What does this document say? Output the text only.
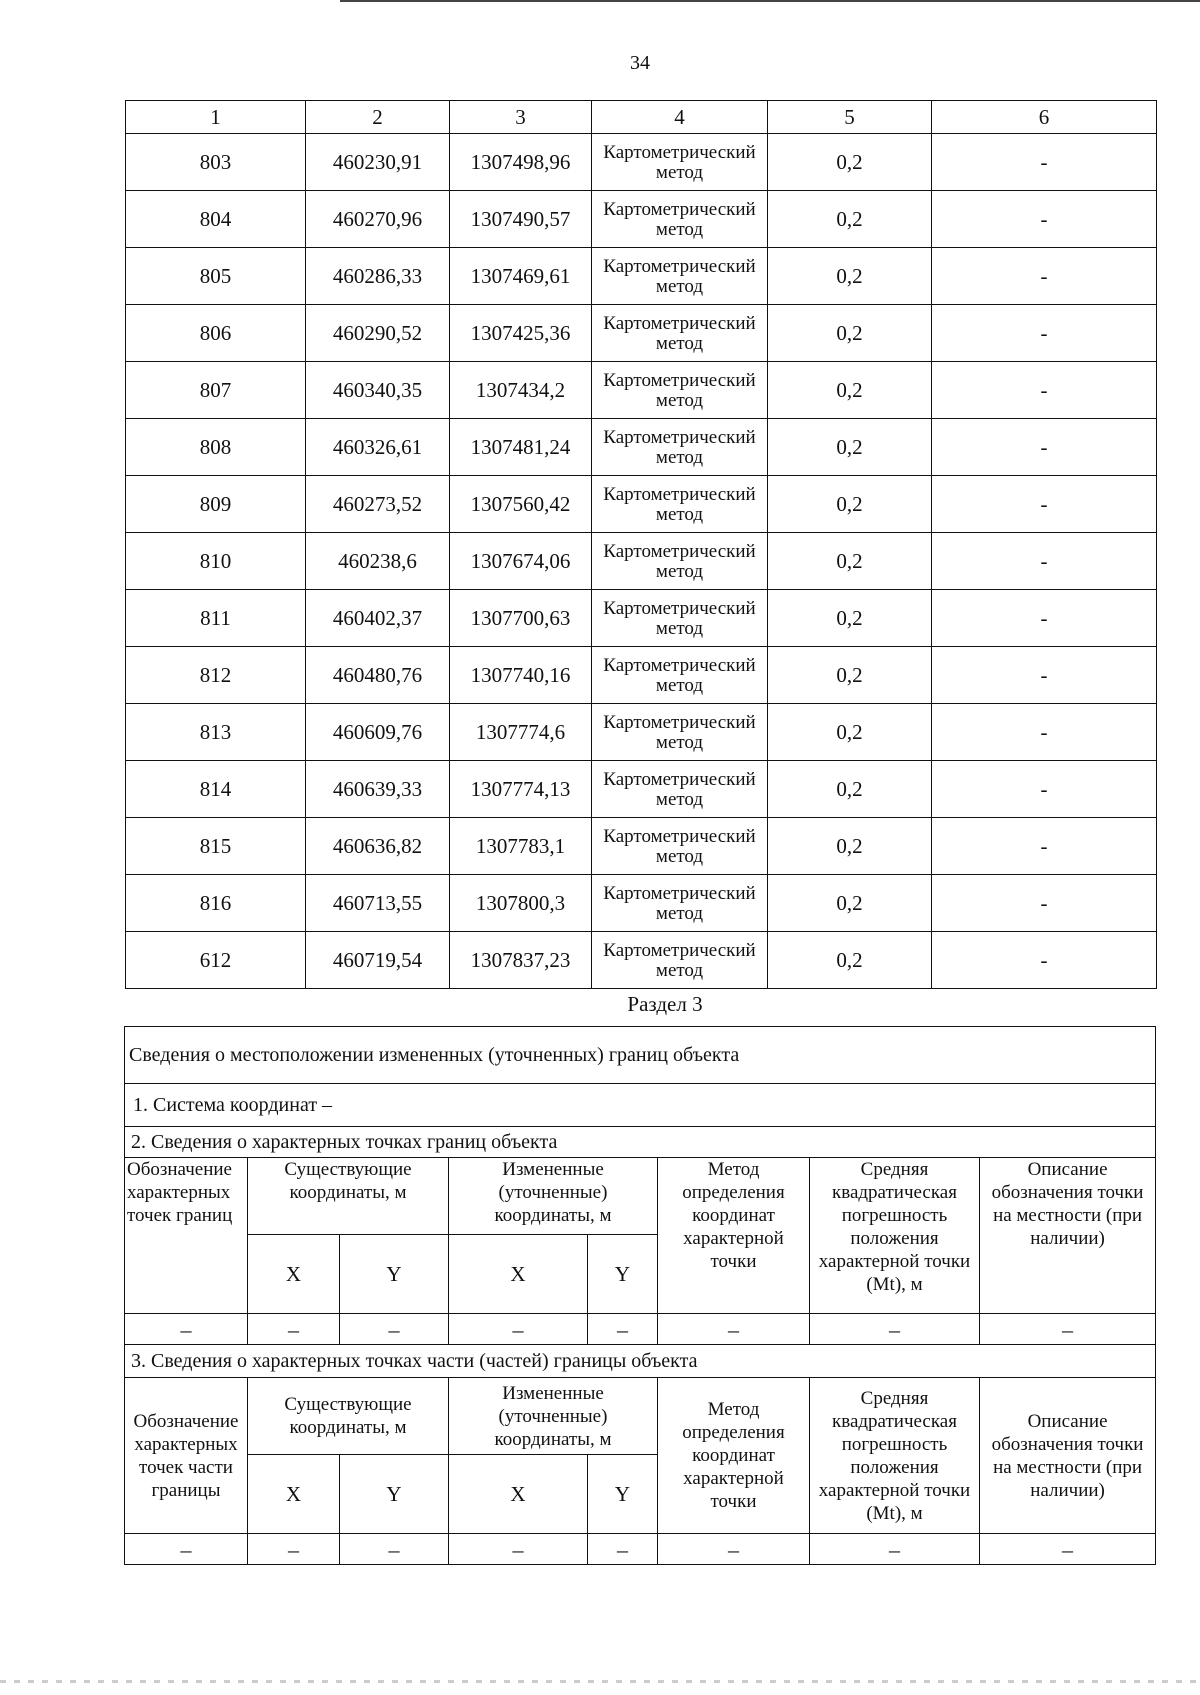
34
1	2	3	4	5	6
803	460230,91	1307498,96	Картометрический метод	0,2	-
804	460270,96	1307490,57	Картометрический метод	0,2	-
805	460286,33	1307469,61	Картометрический метод	0,2	-
806	460290,52	1307425,36	Картометрический метод	0,2	-
807	460340,35	1307434,2	Картометрический метод	0,2	-
808	460326,61	1307481,24	Картометрический метод	0,2	-
809	460273,52	1307560,42	Картометрический метод	0,2	-
810	460238,6	1307674,06	Картометрический метод	0,2	-
811	460402,37	1307700,63	Картометрический метод	0,2	-
812	460480,76	1307740,16	Картометрический метод	0,2	-
813	460609,76	1307774,6	Картометрический метод	0,2	-
814	460639,33	1307774,13	Картометрический метод	0,2	-
815	460636,82	1307783,1	Картометрический метод	0,2	-
816	460713,55	1307800,3	Картометрический метод	0,2	-
612	460719,54	1307837,23	Картометрический метод	0,2	-
Раздел 3
Сведения о местоположении измененных (уточненных) границ объекта							
1. Система координат –							
2. Сведения о характерных точках границ объекта							
Обозначение характерных точек границ	Существующие координаты, м		Измененные (уточненные) координаты, м		Метод определения координат характерной точки	Средняя квадратическая погрешность положения характерной точки (Mt), м	Описание обозначения точки на местности (при наличии)
	X	Y	X	Y			
–	–	–	–	–	–	–	–
3. Сведения о характерных точках части (частей) границы объекта							
Обозначение характерных точек части границы	Существующие координаты, м		Измененные (уточненные) координаты, м		Метод определения координат характерной точки	Средняя квадратическая погрешность положения характерной точки (Mt), м	Описание обозначения точки на местности (при наличии)
	X	Y	X	Y			
–	–	–	–	–	–	–	–
